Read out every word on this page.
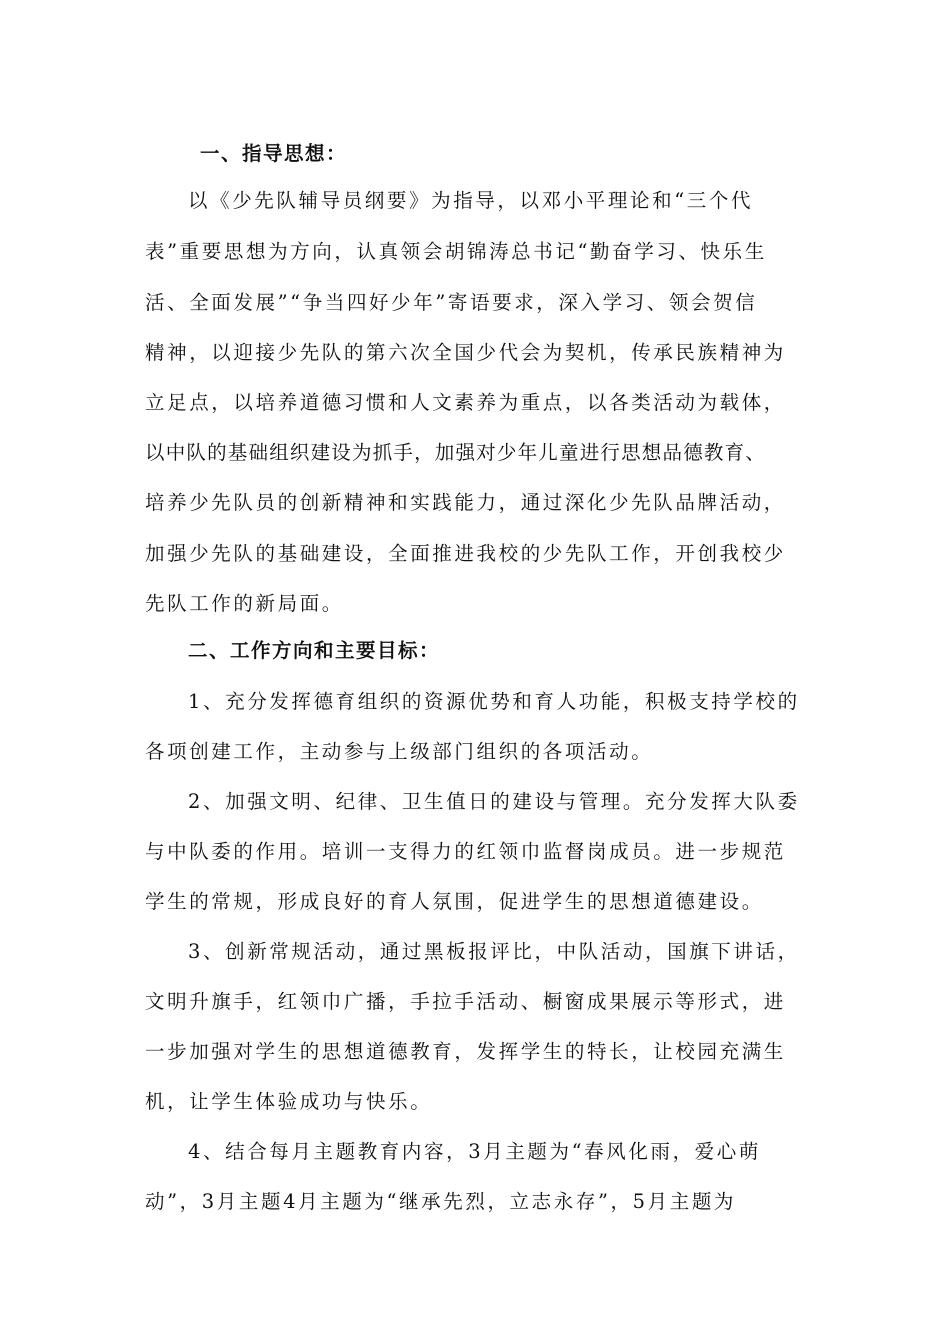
一、指导思想：
以《少先队辅导员纲要》为指导，以邓小平理论和“三个代
表”重要思想为方向，认真领会胡锦涛总书记“勤奋学习、快乐生
活、全面发展”“争当四好少年”寄语要求，深入学习、领会贺信
精神，以迎接少先队的第六次全国少代会为契机，传承民族精神为
立足点，以培养道德习惯和人文素养为重点，以各类活动为载体，
以中队的基础组织建设为抓手，加强对少年儿童进行思想品德教育、
培养少先队员的创新精神和实践能力，通过深化少先队品牌活动，
加强少先队的基础建设，全面推进我校的少先队工作，开创我校少
先队工作的新局面。
二、工作方向和主要目标：
1、充分发挥德育组织的资源优势和育人功能，积极支持学校的
各项创建工作，主动参与上级部门组织的各项活动。
2、加强文明、纪律、卫生值日的建设与管理。充分发挥大队委
与中队委的作用。培训一支得力的红领巾监督岗成员。进一步规范
学生的常规，形成良好的育人氛围，促进学生的思想道德建设。
3、创新常规活动，通过黑板报评比，中队活动，国旗下讲话，
文明升旗手，红领巾广播，手拉手活动、橱窗成果展示等形式，进
一步加强对学生的思想道德教育，发挥学生的特长，让校园充满生
机，让学生体验成功与快乐。
4、结合每月主题教育内容，3月主题为“春风化雨，爱心萌
动”，3月主题4月主题为“继承先烈，立志永存”，5月主题为
